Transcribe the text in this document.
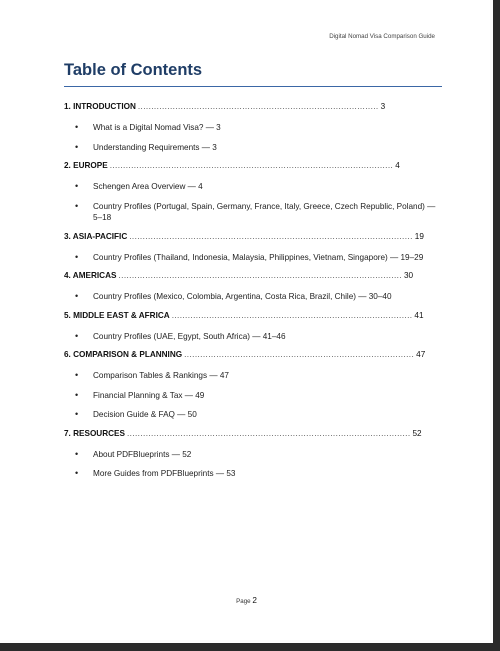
Digital Nomad Visa Comparison Guide
Table of Contents
1. INTRODUCTION .......................................................................................... 3
• What is a Digital Nomad Visa? — 3
• Understanding Requirements — 3
2. EUROPE .......................................................................................................... 4
• Schengen Area Overview — 4
• Country Profiles (Portugal, Spain, Germany, France, Italy, Greece, Czech Republic, Poland) — 5–18
3. ASIA-PACIFIC .......................................................................................................... 19
• Country Profiles (Thailand, Indonesia, Malaysia, Philippines, Vietnam, Singapore) — 19–29
4. AMERICAS .......................................................................................................... 30
• Country Profiles (Mexico, Colombia, Argentina, Costa Rica, Brazil, Chile) — 30–40
5. MIDDLE EAST & AFRICA .......................................................................................... 41
• Country Profiles (UAE, Egypt, South Africa) — 41–46
6. COMPARISON & PLANNING ...................................................................................... 47
• Comparison Tables & Rankings — 47
• Financial Planning & Tax — 49
• Decision Guide & FAQ — 50
7. RESOURCES .......................................................................................................... 52
• About PDFBlueprints — 52
• More Guides from PDFBlueprints — 53
Page 2
